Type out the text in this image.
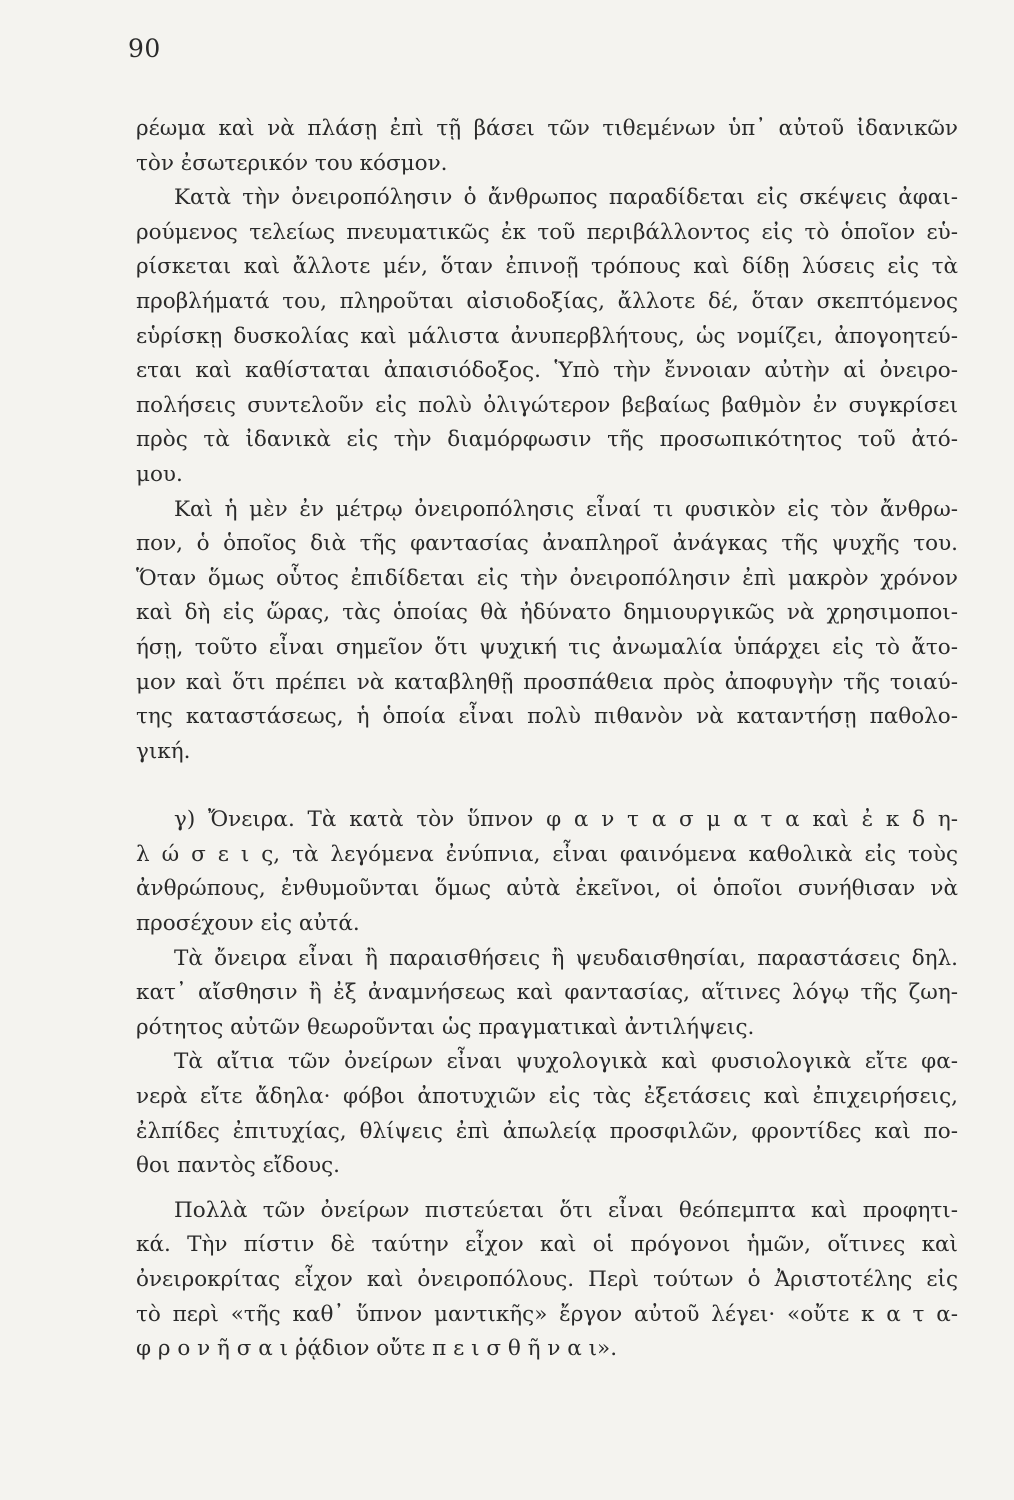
90
ρέωμα καὶ νὰ πλάσῃ ἐπὶ τῇ βάσει τῶν τιθεμένων ὑπ᾽ αὐτοῦ ἰδανικῶν
τὸν ἐσωτερικόν του κόσμον.
Κατὰ τὴν ὀνειροπόλησιν ὁ ἄνθρωπος παραδίδεται εἰς σκέψεις ἀφαι-
ρούμενος τελείως πνευματικῶς ἐκ τοῦ περιβάλλοντος εἰς τὸ ὁποῖον εὑ-
ρίσκεται καὶ ἄλλοτε μέν, ὅταν ἐπινοῇ τρόπους καὶ δίδῃ λύσεις εἰς τὰ
προβλήματά του, πληροῦται αἰσιοδοξίας, ἄλλοτε δέ, ὅταν σκεπτόμενος
εὑρίσκῃ δυσκολίας καὶ μάλιστα ἀνυπερβλήτους, ὡς νομίζει, ἀπογοητεύ-
εται καὶ καθίσταται ἀπαισιόδοξος. Ὑπὸ τὴν ἔννοιαν αὐτὴν αἱ ὀνειρο-
πολήσεις συντελοῦν εἰς πολὺ ὀλιγώτερον βεβαίως βαθμὸν ἐν συγκρίσει
πρὸς τὰ ἰδανικὰ εἰς τὴν διαμόρφωσιν τῆς προσωπικότητος τοῦ ἀτό-
μου.
Καὶ ἡ μὲν ἐν μέτρῳ ὀνειροπόλησις εἶναί τι φυσικὸν εἰς τὸν ἄνθρω-
πον, ὁ ὁποῖος διὰ τῆς φαντασίας ἀναπληροῖ ἀνάγκας τῆς ψυχῆς του.
Ὅταν ὅμως οὗτος ἐπιδίδεται εἰς τὴν ὀνειροπόλησιν ἐπὶ μακρὸν χρόνον
καὶ δὴ εἰς ὥρας, τὰς ὁποίας θὰ ἠδύνατο δημιουργικῶς νὰ χρησιμοποι-
ήσῃ, τοῦτο εἶναι σημεῖον ὅτι ψυχική τις ἀνωμαλία ὑπάρχει εἰς τὸ ἄτο-
μον καὶ ὅτι πρέπει νὰ καταβληθῇ προσπάθεια πρὸς ἀποφυγὴν τῆς τοιαύ-
της καταστάσεως, ἡ ὁποία εἶναι πολὺ πιθανὸν νὰ καταντήσῃ παθολο-
γική.
γ) Ὄνειρα. Τὰ κατὰ τὸν ὕπνον φ α ν τ α σ μ α τ α καὶ ἐ κ δ η-
λ ώ σ ε ι ς, τὰ λεγόμενα ἐνύπνια, εἶναι φαινόμενα καθολικὰ εἰς τοὺς
ἀνθρώπους, ἐνθυμοῦνται ὅμως αὐτὰ ἐκεῖνοι, οἱ ὁποῖοι συνήθισαν νὰ
προσέχουν εἰς αὐτά.
Τὰ ὄνειρα εἶναι ἢ παραισθήσεις ἢ ψευδαισθησίαι, παραστάσεις δηλ.
κατ᾽ αἴσθησιν ἢ ἐξ ἀναμνήσεως καὶ φαντασίας, αἵτινες λόγῳ τῆς ζωη-
ρότητος αὐτῶν θεωροῦνται ὡς πραγματικαὶ ἀντιλήψεις.
Τὰ αἴτια τῶν ὀνείρων εἶναι ψυχολογικὰ καὶ φυσιολογικὰ εἴτε φα-
νερὰ εἴτε ἄδηλα· φόβοι ἀποτυχιῶν εἰς τὰς ἐξετάσεις καὶ ἐπιχειρήσεις,
ἐλπίδες ἐπιτυχίας, θλίψεις ἐπὶ ἀπωλείᾳ προσφιλῶν, φροντίδες καὶ πο-
θοι παντὸς εἴδους.
Πολλὰ τῶν ὀνείρων πιστεύεται ὅτι εἶναι θεόπεμπτα καὶ προφητι-
κά. Τὴν πίστιν δὲ ταύτην εἶχον καὶ οἱ πρόγονοι ἡμῶν, οἵτινες καὶ
ὀνειροκρίτας εἶχον καὶ ὀνειροπόλους. Περὶ τούτων ὁ Ἀριστοτέλης εἰς
τὸ περὶ «τῆς καθ᾽ ὕπνον μαντικῆς» ἔργον αὐτοῦ λέγει· «οὔτε κ α τ α-
φ ρ ο ν ῆ σ α ι ῥᾴδιον οὔτε π ε ι σ θ ῆ ν α ι».
